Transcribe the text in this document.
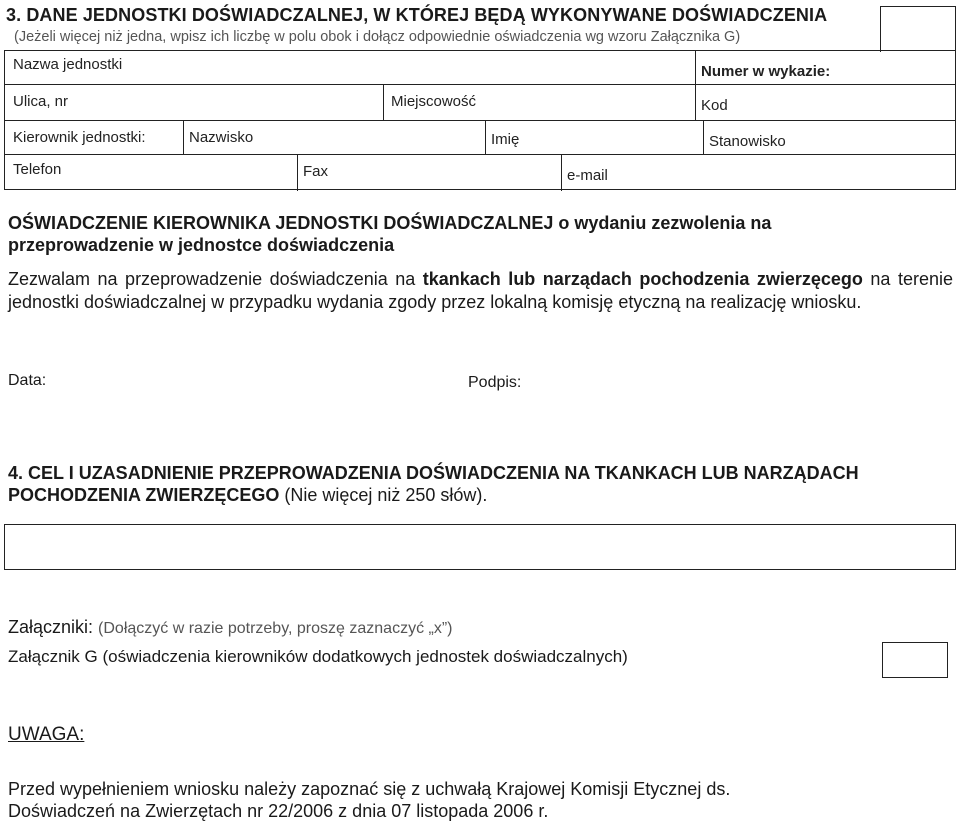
3. DANE JEDNOSTKI DOŚWIADCZALNEJ, W KTÓREJ BĘDĄ WYKONYWANE DOŚWIADCZENIA
(Jeżeli więcej niż jedna, wpisz ich liczbę w polu obok i dołącz odpowiednie oświadczenia wg wzoru Załącznika G)
Nazwa jednostki	Numer w wykazie:
Ulica, nr	Miejscowość	Kod
Kierownik jednostki:	Nazwisko	Imię	Stanowisko
Telefon	Fax	e-mail
OŚWIADCZENIE KIEROWNIKA JEDNOSTKI DOŚWIADCZALNEJ o wydaniu zezwolenia na
przeprowadzenie w jednostce doświadczenia
Zezwalam na przeprowadzenie doświadczenia na tkankach lub narządach pochodzenia zwierzęcego na terenie jednostki doświadczalnej w przypadku wydania zgody przez lokalną komisję etyczną na realizację wniosku.
Data:	Podpis:
4. CEL I UZASADNIENIE PRZEPROWADZENIA DOŚWIADCZENIA NA TKANKACH LUB NARZĄDACH
POCHODZENIA ZWIERZĘCEGO (Nie więcej niż 250 słów).
Załączniki: (Dołączyć w razie potrzeby, proszę zaznaczyć „x”)
Załącznik G (oświadczenia kierowników dodatkowych jednostek doświadczalnych)
UWAGA:
Przed wypełnieniem wniosku należy zapoznać się z uchwałą Krajowej Komisji Etycznej ds.
Doświadczeń na Zwierzętach nr 22/2006 z dnia 07 listopada 2006 r.
